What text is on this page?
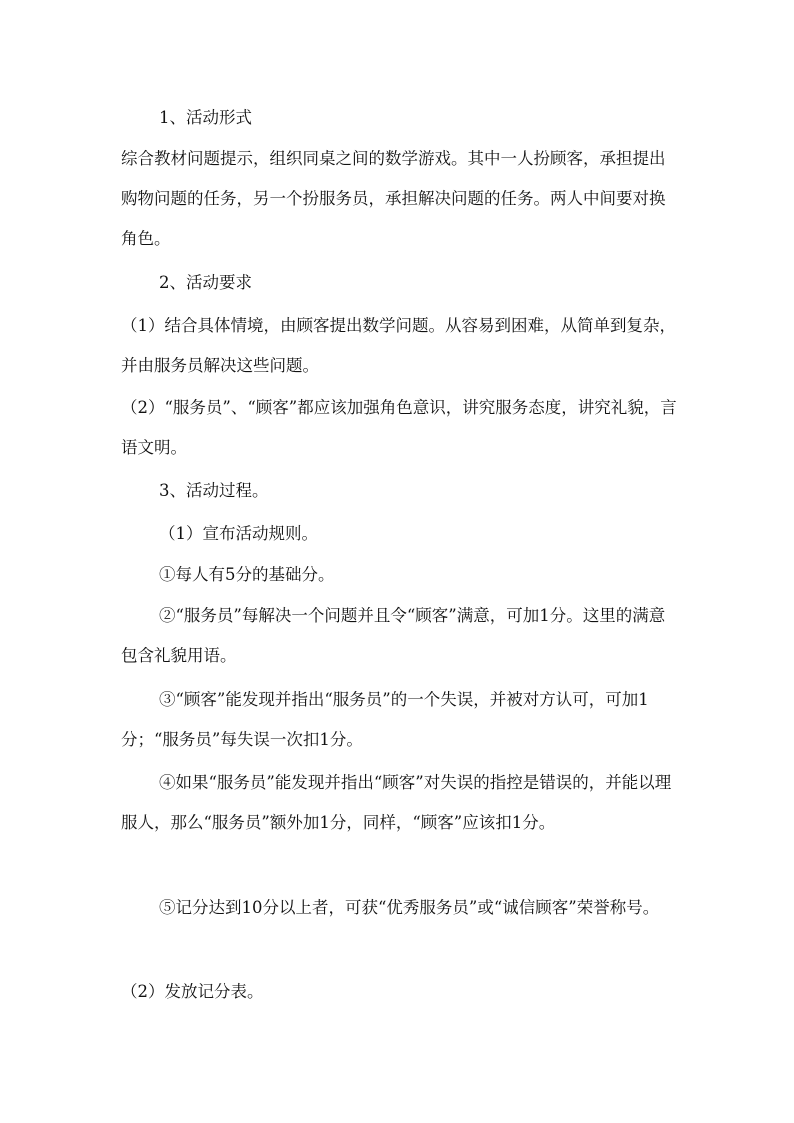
1、活动形式

综合教材问题提示，组织同桌之间的数学游戏。其中一人扮顾客，承担提出购物问题的任务，另一个扮服务员，承担解决问题的任务。两人中间要对换角色。

2、活动要求

（1）结合具体情境，由顾客提出数学问题。从容易到困难，从简单到复杂，并由服务员解决这些问题。

（2）“服务员”、“顾客”都应该加强角色意识，讲究服务态度，讲究礼貌，言语文明。

3、活动过程。

（1）宣布活动规则。

①每人有5分的基础分。

②“服务员”每解决一个问题并且令“顾客”满意，可加1分。这里的满意包含礼貌用语。

③“顾客”能发现并指出“服务员”的一个失误，并被对方认可，可加1分；“服务员”每失误一次扣1分。

④如果“服务员”能发现并指出“顾客”对失误的指控是错误的，并能以理服人，那么“服务员”额外加1分，同样，“顾客”应该扣1分。

⑤记分达到10分以上者，可获“优秀服务员”或“诚信顾客”荣誉称号。

（2）发放记分表。
